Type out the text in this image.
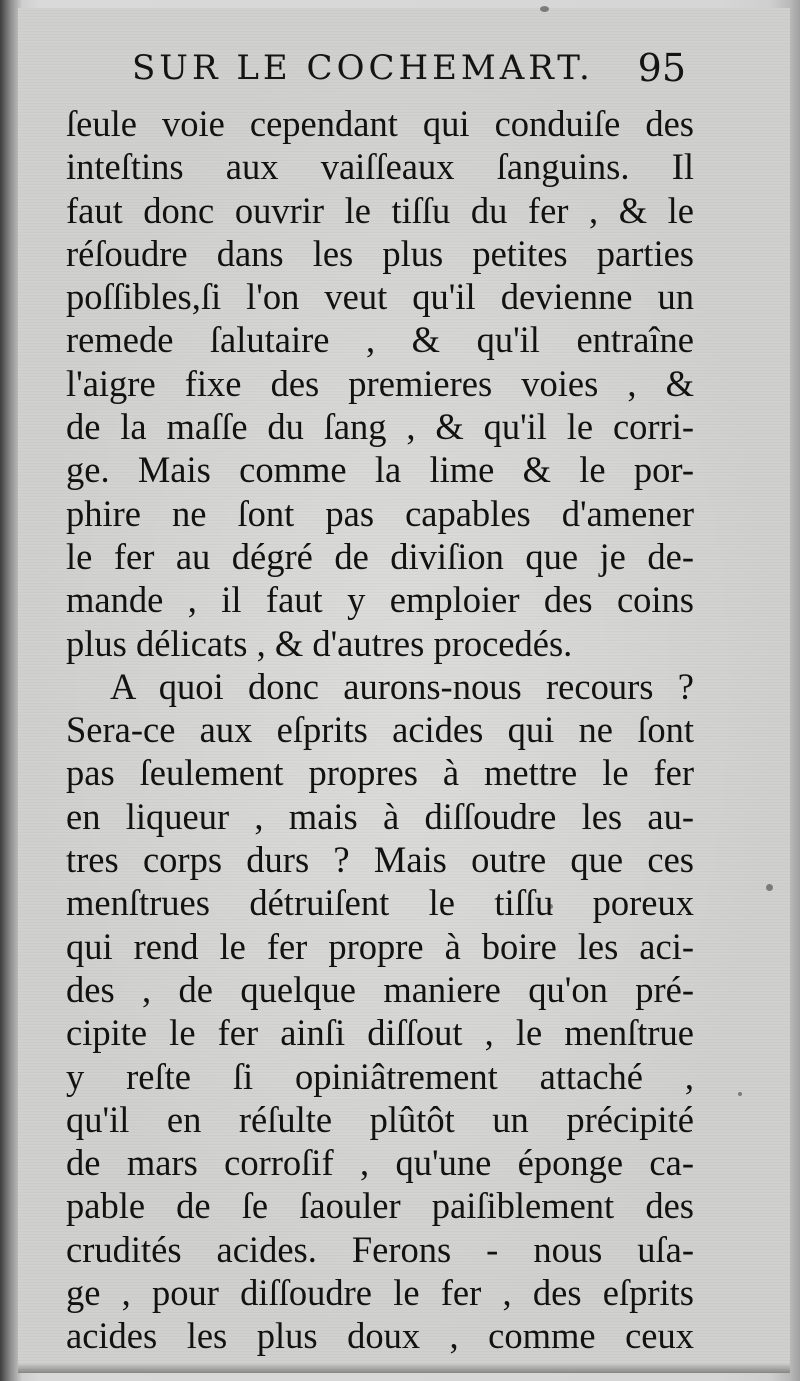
SUR LE COCHEMART. 95
ſeule voie cependant qui conduiſe des
inteſtins aux vaiſſeaux ſanguins. Il
faut donc ouvrir le tiſſu du fer , & le
réſoudre dans les plus petites parties
poſſibles,ſi l'on veut qu'il devienne un
remede ſalutaire , & qu'il entraîne
l'aigre fixe des premieres voies , &
de la maſſe du ſang , & qu'il le corri-
ge. Mais comme la lime & le por-
phire ne ſont pas capables d'amener
le fer au dégré de diviſion que je de-
mande , il faut y emploier des coins
plus délicats , & d'autres procedés.
A quoi donc aurons-nous recours ?
Sera-ce aux eſprits acides qui ne ſont
pas ſeulement propres à mettre le fer
en liqueur , mais à diſſoudre les au-
tres corps durs ? Mais outre que ces
menſtrues détruiſent le tiſſu poreux
qui rend le fer propre à boire les aci-
des , de quelque maniere qu'on pré-
cipite le fer ainſi diſſout , le menſtrue
y reſte ſi opiniâtrement attaché ,
qu'il en réſulte plûtôt un précipité
de mars corroſif , qu'une éponge ca-
pable de ſe ſaouler paiſiblement des
crudités acides. Ferons - nous uſa-
ge , pour diſſoudre le fer , des eſprits
acides les plus doux , comme ceux
